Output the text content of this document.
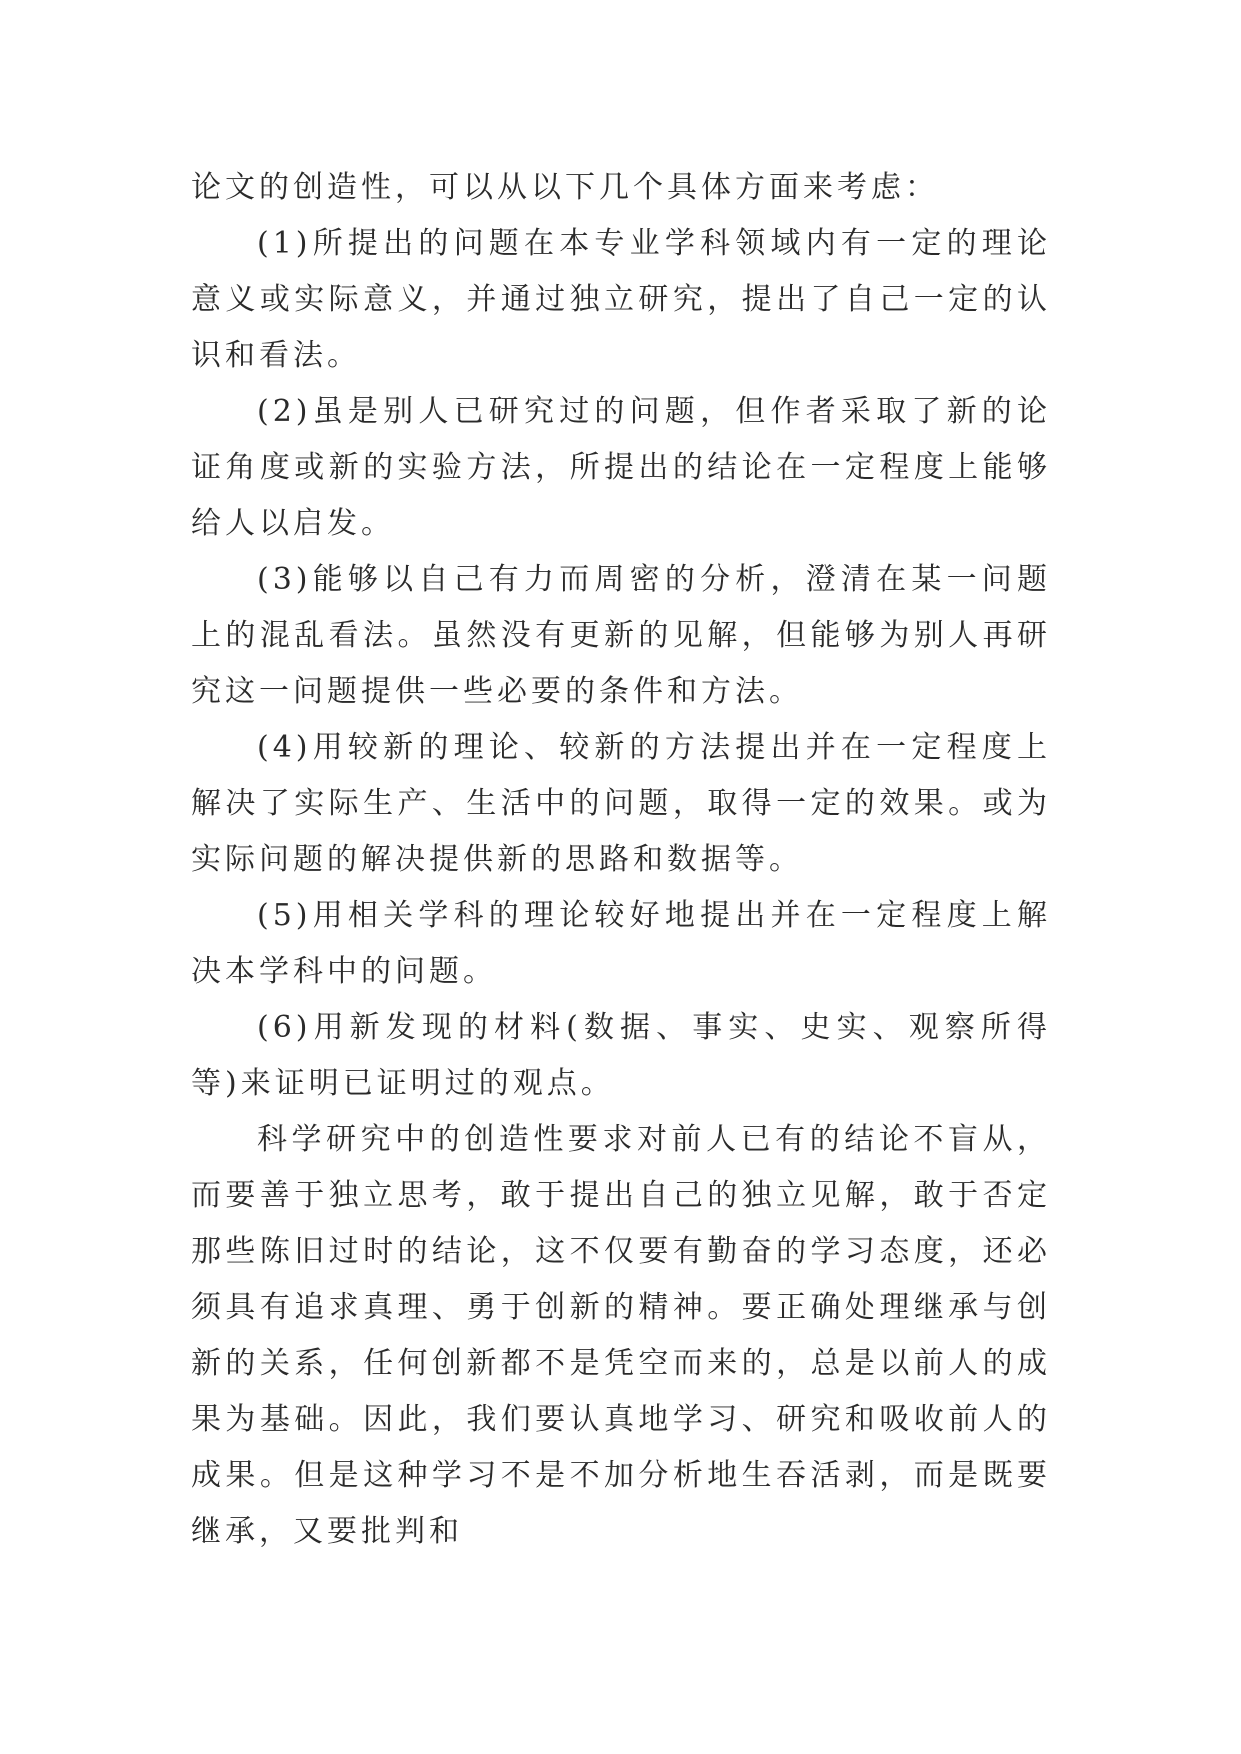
论文的创造性，可以从以下几个具体方面来考虑：

(1)所提出的问题在本专业学科领域内有一定的理论意义或实际意义，并通过独立研究，提出了自己一定的认识和看法。

(2)虽是别人已研究过的问题，但作者采取了新的论证角度或新的实验方法，所提出的结论在一定程度上能够给人以启发。

(3)能够以自己有力而周密的分析，澄清在某一问题上的混乱看法。虽然没有更新的见解，但能够为别人再研究这一问题提供一些必要的条件和方法。

(4)用较新的理论、较新的方法提出并在一定程度上解决了实际生产、生活中的问题，取得一定的效果。或为实际问题的解决提供新的思路和数据等。

(5)用相关学科的理论较好地提出并在一定程度上解决本学科中的问题。

(6)用新发现的材料(数据、事实、史实、观察所得等)来证明已证明过的观点。

科学研究中的创造性要求对前人已有的结论不盲从，而要善于独立思考，敢于提出自己的独立见解，敢于否定那些陈旧过时的结论，这不仅要有勤奋的学习态度，还必须具有追求真理、勇于创新的精神。要正确处理继承与创新的关系，任何创新都不是凭空而来的，总是以前人的成果为基础。因此，我们要认真地学习、研究和吸收前人的成果。但是这种学习不是不加分析地生吞活剥，而是既要继承，又要批判和
